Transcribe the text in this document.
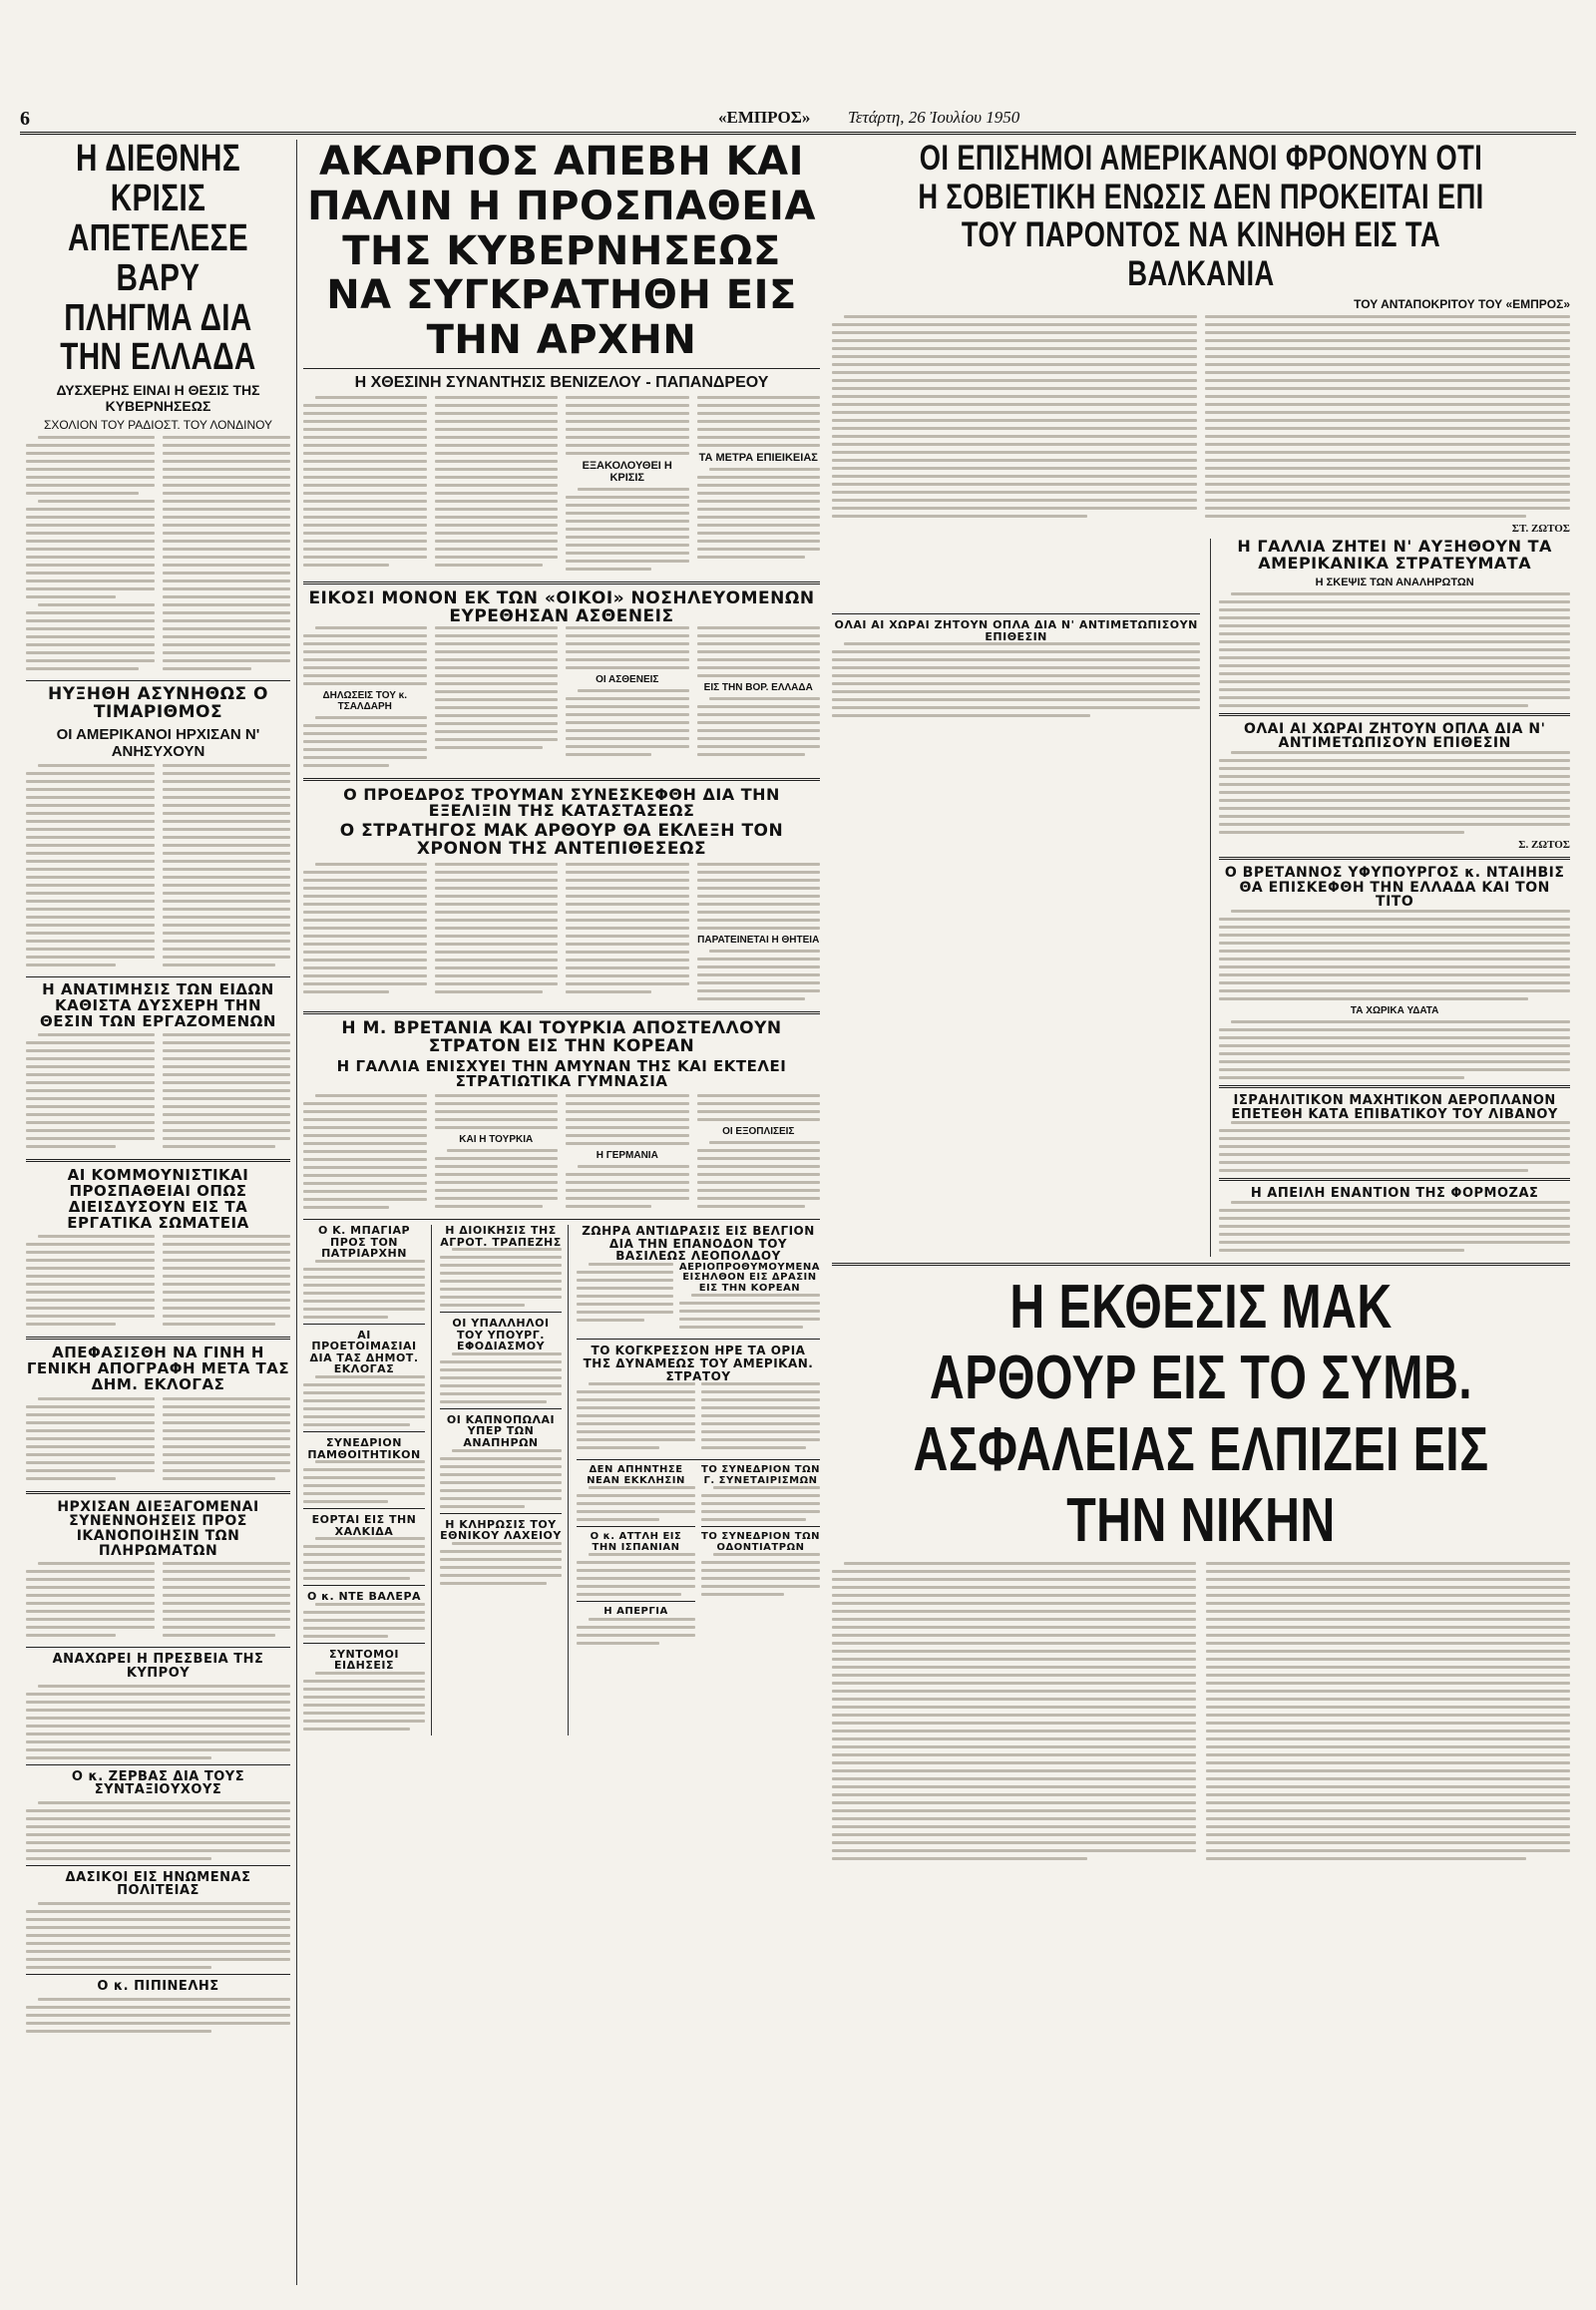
6	«ΕΜΠΡΟΣ» Τετάρτη, 26 Ἰουλίου 1950
Η ΔΙΕΘΝΗΣ ΚΡΙΣΙΣ ΑΠΕΤΕΛΕΣΕ ΒΑΡΥ ΠΛΗΓΜΑ ΔΙΑ ΤΗΝ ΕΛΛΑΔΑ
ΔΥΣΧΕΡΗΣ ΕΙΝΑΙ Η ΘΕΣΙΣ ΤΗΣ ΚΥΒΕΡΝΗΣΕΩΣ
ΣΧΟΛΙΟΝ ΤΟΥ ΡΑΔΙΟΣΤ. ΤΟΥ ΛΟΝΔΙΝΟΥ
ΗΥΞΗΘΗ ΑΣΥΝΗΘΩΣ Ο ΤΙΜΑΡΙΘΜΟΣ
ΟΙ ΑΜΕΡΙΚΑΝΟΙ ΗΡΧΙΣΑΝ Ν' ΑΝΗΣΥΧΟΥΝ
Η ΑΝΑΤΙΜΗΣΙΣ ΤΩΝ ΕΙΔΩΝ ΚΑΘΙΣΤΑ ΔΥΣΧΕΡΗ ΤΗΝ ΘΕΣΙΝ ΤΩΝ ΕΡΓΑΖΟΜΕΝΩΝ
ΑΙ ΚΟΜΜΟΥΝΙΣΤΙΚΑΙ ΠΡΟΣΠΑΘΕΙΑΙ ΟΠΩΣ ΔΙΕΙΣΔΥΣΟΥΝ ΕΙΣ ΤΑ ΕΡΓΑΤΙΚΑ ΣΩΜΑΤΕΙΑ
ΑΠΕΦΑΣΙΣΘΗ ΝΑ ΓΙΝΗ Η ΓΕΝΙΚΗ ΑΠΟΓΡΑΦΗ ΜΕΤΑ ΤΑΣ ΔΗΜ. ΕΚΛΟΓΑΣ
ΗΡΧΙΣΑΝ ΔΙΕΞΑΓΟΜΕΝΑΙ ΣΥΝΕΝΝΟΗΣΕΙΣ ΠΡΟΣ ΙΚΑΝΟΠΟΙΗΣΙΝ ΤΩΝ ΠΛΗΡΩΜΑΤΩΝ
ΑΝΑΧΩΡΕΙ Η ΠΡΕΣΒΕΙΑ ΤΗΣ ΚΥΠΡΟΥ
Ο κ. ΖΕΡΒΑΣ ΔΙΑ ΤΟΥΣ ΣΥΝΤΑΞΙΟΥΧΟΥΣ
ΔΑΣΙΚΟΙ ΕΙΣ ΗΝΩΜΕΝΑΣ ΠΟΛΙΤΕΙΑΣ
Ο κ. ΠΙΠΙΝΕΛΗΣ
ΑΚΑΡΠΟΣ ΑΠΕΒΗ ΚΑΙ ΠΑΛΙΝ Η ΠΡΟΣΠΑΘΕΙΑ ΤΗΣ ΚΥΒΕΡΝΗΣΕΩΣ ΝΑ ΣΥΓΚΡΑΤΗΘΗ ΕΙΣ ΤΗΝ ΑΡΧΗΝ
Η ΧΘΕΣΙΝΗ ΣΥΝΑΝΤΗΣΙΣ ΒΕΝΙΖΕΛΟΥ - ΠΑΠΑΝΔΡΕΟΥ
ΕΞΑΚΟΛΟΥΘΕΙ Η ΚΡΙΣΙΣ
ΤΑ ΜΕΤΡΑ ΕΠΙΕΙΚΕΙΑΣ
ΕΙΚΟΣΙ ΜΟΝΟΝ ΕΚ ΤΩΝ «ΟΙΚΟΙ» ΝΟΣΗΛΕΥΟΜΕΝΩΝ ΕΥΡΕΘΗΣΑΝ ΑΣΘΕΝΕΙΣ
ΔΗΛΩΣΕΙΣ ΤΟΥ κ. ΤΣΑΛΔΑΡΗ
ΟΙ ΑΣΘΕΝΕΙΣ
ΕΙΣ ΤΗΝ ΒΟΡ. ΕΛΛΑΔΑ
Ο ΠΡΟΕΔΡΟΣ ΤΡΟΥΜΑΝ ΣΥΝΕΣΚΕΦΘΗ ΔΙΑ ΤΗΝ ΕΞΕΛΙΞΙΝ ΤΗΣ ΚΑΤΑΣΤΑΣΕΩΣ
Ο ΣΤΡΑΤΗΓΟΣ ΜΑΚ ΑΡΘΟΥΡ ΘΑ ΕΚΛΕΞΗ ΤΟΝ ΧΡΟΝΟΝ ΤΗΣ ΑΝΤΕΠΙΘΕΣΕΩΣ
ΠΑΡΑΤΕΙΝΕΤΑΙ Η ΘΗΤΕΙΑ
Η Μ. ΒΡΕΤΑΝΙΑ ΚΑΙ ΤΟΥΡΚΙΑ ΑΠΟΣΤΕΛΛΟΥΝ ΣΤΡΑΤΟΝ ΕΙΣ ΤΗΝ ΚΟΡΕΑΝ
Η ΓΑΛΛΙΑ ΕΝΙΣΧΥΕΙ ΤΗΝ ΑΜΥΝΑΝ ΤΗΣ ΚΑΙ ΕΚΤΕΛΕΙ ΣΤΡΑΤΙΩΤΙΚΑ ΓΥΜΝΑΣΙΑ
ΚΑΙ Η ΤΟΥΡΚΙΑ
Η ΓΕΡΜΑΝΙΑ
ΟΙ ΕΞΟΠΛΙΣΕΙΣ
Ο Κ. ΜΠΑΓΙΑΡ ΠΡΟΣ ΤΟΝ ΠΑΤΡΙΑΡΧΗΝ
ΑΙ ΠΡΟΕΤΟΙΜΑΣΙΑΙ ΔΙΑ ΤΑΣ ΔΗΜΟΤ. ΕΚΛΟΓΑΣ
ΣΥΝΕΔΡΙΟΝ ΠΑΜΘΟΙΤΗΤΙΚΟΝ
ΕΟΡΤΑΙ ΕΙΣ ΤΗΝ ΧΑΛΚΙΔΑ
Ο κ. ΝΤΕ ΒΑΛΕΡΑ
ΣΥΝΤΟΜΟΙ ΕΙΔΗΣΕΙΣ
Η ΔΙΟΙΚΗΣΙΣ ΤΗΣ ΑΓΡΟΤ. ΤΡΑΠΕΖΗΣ
ΟΙ ΥΠΑΛΛΗΛΟΙ ΤΟΥ ΥΠΟΥΡΓ. ΕΦΟΔΙΑΣΜΟΥ
ΟΙ ΚΑΠΝΟΠΩΛΑΙ ΥΠΕΡ ΤΩΝ ΑΝΑΠΗΡΩΝ
Η ΚΛΗΡΩΣΙΣ ΤΟΥ ΕΘΝΙΚΟΥ ΛΑΧΕΙΟΥ
ΖΩΗΡΑ ΑΝΤΙΔΡΑΣΙΣ ΕΙΣ ΒΕΛΓΙΟΝ ΔΙΑ ΤΗΝ ΕΠΑΝΟΔΟΝ ΤΟΥ ΒΑΣΙΛΕΩΣ ΛΕΟΠΟΛΔΟΥ
ΑΕΡΙΟΠΡΟΘΥΜΟΥΜΕΝΑ ΕΙΣΗΛΘΟΝ ΕΙΣ ΔΡΑΣΙΝ ΕΙΣ ΤΗΝ ΚΟΡΕΑΝ
ΤΟ ΚΟΓΚΡΕΣΣΟΝ ΗΡΕ ΤΑ ΟΡΙΑ ΤΗΣ ΔΥΝΑΜΕΩΣ ΤΟΥ ΑΜΕΡΙΚΑΝ. ΣΤΡΑΤΟΥ
ΔΕΝ ΑΠΗΝΤΗΣΕ ΝΕΑΝ ΕΚΚΛΗΣΙΝ
Ο κ. ΑΤΤΛΗ ΕΙΣ ΤΗΝ ΙΣΠΑΝΙΑΝ
Η ΑΠΕΡΓΙΑ
ΤΟ ΣΥΝΕΔΡΙΟΝ ΤΩΝ Γ. ΣΥΝΕΤΑΙΡΙΣΜΩΝ
ΤΟ ΣΥΝΕΔΡΙΟΝ ΤΩΝ ΟΔΟΝΤΙΑΤΡΩΝ
ΟΙ ΕΠΙΣΗΜΟΙ ΑΜΕΡΙΚΑΝΟΙ ΦΡΟΝΟΥΝ ΟΤΙ Η ΣΟΒΙΕΤΙΚΗ ΕΝΩΣΙΣ ΔΕΝ ΠΡΟΚΕΙΤΑΙ ΕΠΙ ΤΟΥ ΠΑΡΟΝΤΟΣ ΝΑ ΚΙΝΗΘΗ ΕΙΣ ΤΑ ΒΑΛΚΑΝΙΑ
ΤΟΥ ΑΝΤΑΠΟΚΡΙΤΟΥ ΤΟΥ «ΕΜΠΡΟΣ»
ΣΤ. ΖΩΤΟΣ
ΟΛΑΙ ΑΙ ΧΩΡΑΙ ΖΗΤΟΥΝ ΟΠΛΑ ΔΙΑ Ν' ΑΝΤΙΜΕΤΩΠΙΣΟΥΝ ΕΠΙΘΕΣΙΝ
Η ΓΑΛΛΙΑ ΖΗΤΕΙ Ν' ΑΥΞΗΘΟΥΝ ΤΑ ΑΜΕΡΙΚΑΝΙΚΑ ΣΤΡΑΤΕΥΜΑΤΑ
Η ΣΚΕΨΙΣ ΤΩΝ ΑΝΑΛΗΡΩΤΩΝ
ΟΛΑΙ ΑΙ ΧΩΡΑΙ ΖΗΤΟΥΝ ΟΠΛΑ ΔΙΑ Ν' ΑΝΤΙΜΕΤΩΠΙΣΟΥΝ ΕΠΙΘΕΣΙΝ
Σ. ΖΩΤΟΣ
Ο ΒΡΕΤΑΝΝΟΣ ΥΦΥΠΟΥΡΓΟΣ κ. ΝΤΑΙΗΒΙΣ ΘΑ ΕΠΙΣΚΕΦΘΗ ΤΗΝ ΕΛΛΑΔΑ ΚΑΙ ΤΟΝ ΤΙΤΟ
ΤΑ ΧΩΡΙΚΑ ΥΔΑΤΑ
ΙΣΡΑΗΛΙΤΙΚΟΝ ΜΑΧΗΤΙΚΟΝ ΑΕΡΟΠΛΑΝΟΝ ΕΠΕΤΕΘΗ ΚΑΤΑ ΕΠΙΒΑΤΙΚΟΥ ΤΟΥ ΛΙΒΑΝΟΥ
Η ΑΠΕΙΛΗ ΕΝΑΝΤΙΟΝ ΤΗΣ ΦΟΡΜΟΖΑΣ
Η ΕΚΘΕΣΙΣ ΜΑΚ ΑΡΘΟΥΡ ΕΙΣ ΤΟ ΣΥΜΒ. ΑΣΦΑΛΕΙΑΣ ΕΛΠΙΖΕΙ ΕΙΣ ΤΗΝ ΝΙΚΗΝ
